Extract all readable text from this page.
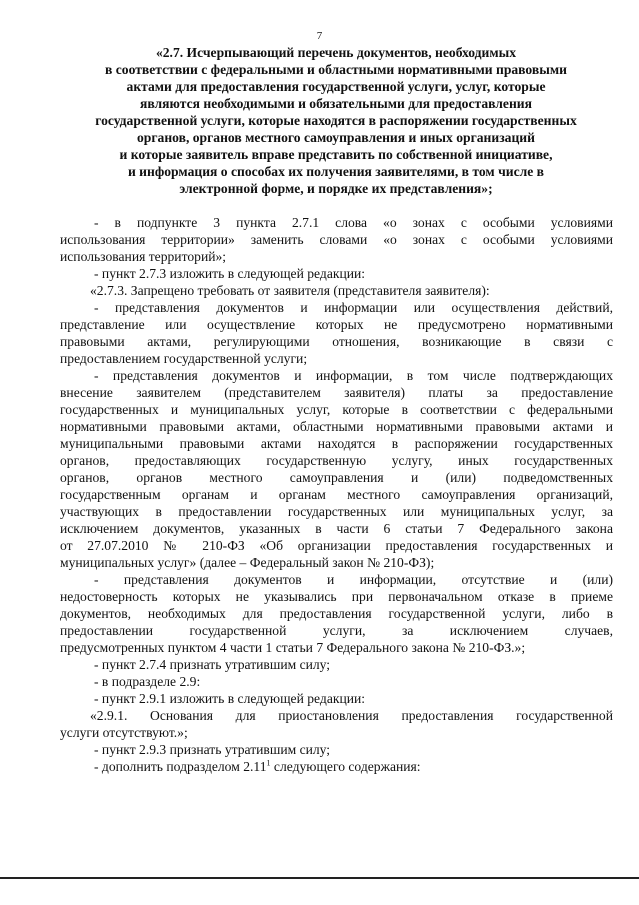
7
«2.7. Исчерпывающий перечень документов, необходимых
в соответствии с федеральными и областными нормативными правовыми
актами для предоставления государственной услуги, услуг, которые
являются необходимыми и обязательными для предоставления
государственной услуги, которые находятся в распоряжении государственных
органов, органов местного самоуправления и иных организаций
и которые заявитель вправе представить по собственной инициативе,
и информация о способах их получения заявителями, в том числе в
электронной форме, и порядке их представления»;
- в подпункте 3 пункта 2.7.1 слова «о зонах с особыми условиями
использования территории» заменить словами «о зонах с особыми условиями
использования территорий»;
- пункт 2.7.3 изложить в следующей редакции:
«2.7.3. Запрещено требовать от заявителя (представителя заявителя):
- представления документов и информации или осуществления действий,
представление или осуществление которых не предусмотрено нормативными
правовыми актами, регулирующими отношения, возникающие в связи с
предоставлением государственной услуги;
- представления документов и информации, в том числе подтверждающих
внесение заявителем (представителем заявителя) платы за предоставление
государственных и муниципальных услуг, которые в соответствии с федеральными
нормативными правовыми актами, областными нормативными правовыми актами и
муниципальными правовыми актами находятся в распоряжении государственных
органов, предоставляющих государственную услугу, иных государственных
органов, органов местного самоуправления и (или) подведомственных
государственным органам и органам местного самоуправления организаций,
участвующих в предоставлении государственных или муниципальных услуг, за
исключением документов, указанных в части 6 статьи 7 Федерального закона
от 27.07.2010 № 210-ФЗ «Об организации предоставления государственных и
муниципальных услуг» (далее – Федеральный закон № 210-ФЗ);
- представления документов и информации, отсутствие и (или)
недостоверность которых не указывались при первоначальном отказе в приеме
документов, необходимых для предоставления государственной услуги, либо в
предоставлении государственной услуги, за исключением случаев,
предусмотренных пунктом 4 части 1 статьи 7 Федерального закона № 210-ФЗ.»;
- пункт 2.7.4 признать утратившим силу;
- в подразделе 2.9:
- пункт 2.9.1 изложить в следующей редакции:
«2.9.1. Основания для приостановления предоставления государственной
услуги отсутствуют.»;
- пункт 2.9.3 признать утратившим силу;
- дополнить подразделом 2.11$^1$ следующего содержания:
